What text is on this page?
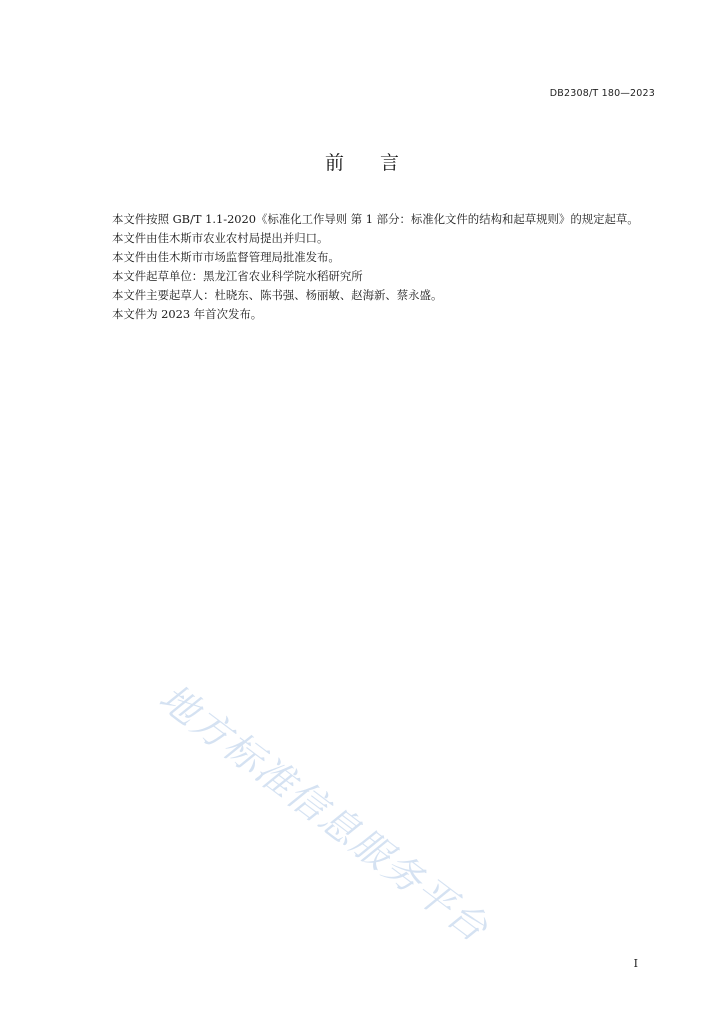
DB2308/T 180—2023
前言

本文件按照 GB/T 1.1-2020《标准化工作导则 第 1 部分：标准化文件的结构和起草规则》的规定起草。

本文件由佳木斯市农业农村局提出并归口。

本文件由佳木斯市市场监督管理局批准发布。

本文件起草单位：黑龙江省农业科学院水稻研究所

本文件主要起草人：杜晓东、陈书强、杨丽敏、赵海新、蔡永盛。

本文件为 2023 年首次发布。

地方标准信息服务平台
I
